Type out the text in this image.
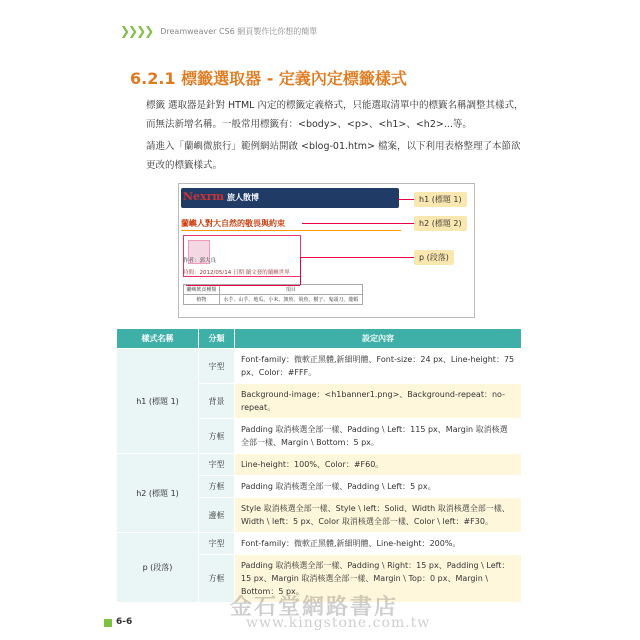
❯❯❯❯ Dreamweaver CS6 網頁製作比你想的簡單
6.2.1 標籤選取器 - 定義內定標籤樣式
標籤 選取器是針對 HTML 內定的標籤定義格式，只能選取清單中的標籤名稱調整其樣式，而無法新增名稱。一般常用標籤有：<body>、<p>、<h1>、<h2>...等。
請進入「蘭嶼微旅行」範例網站開啟 <blog-01.htm> 檔案，以下利用表格整理了本節欲更改的標籤樣式。
Nexrm 旅人散博
蘭嶼人對大自然的敬畏與約束
作者：郭大良
時間：2012/05/14 日期 蘭文發的蘭嶼世界
蘭嶼飲食種類	項目
植物	水芋、山芋、地瓜、小米、旗魚、飛魚、樹子、鬼頭刀、龍蝦
h1 (標題 1)
h2 (標題 2)
p (段落)
樣式名稱	分類	設定內容
h1 (標題 1)	字型	Font-family：微軟正黑體,新細明體、Font-size：24 px、Line-height：75 px、Color：#FFF。
	背景	Background-image：<h1banner1.png>、Background-repeat：no-repeat。
	方框	Padding 取消核選全部一樣、Padding \ Left：115 px、Margin 取消核選全部一樣、Margin \ Bottom：5 px。
h2 (標題 1)	字型	Line-height：100%、Color：#F60。
	方框	Padding 取消核選全部一樣、Padding \ Left：5 px。
	邊框	Style 取消核選全部一樣、Style \ left：Solid、Width 取消核選全部一樣、Width \ left：5 px、Color 取消核選全部一樣、Color \ left：#F30。
p (段落)	字型	Font-family：微軟正黑體,新細明體、Line-height：200%。
	方框	Padding 取消核選全部一樣、Padding \ Right：15 px、Padding \ Left：15 px、Margin 取消核選全部一樣、Margin \ Top：0 px、Margin \ Bottom：5 px。
金石堂網路書店
www.kingstone.com.tw
6-6
